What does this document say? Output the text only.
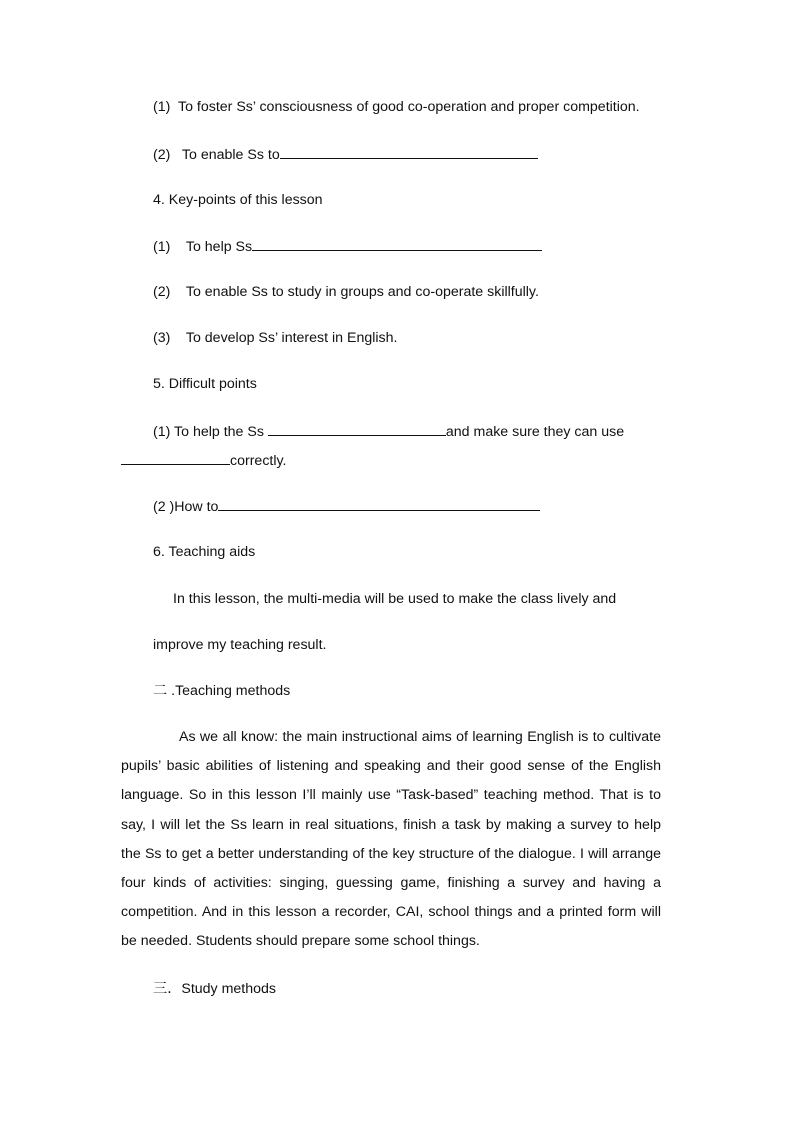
(1) To foster Ss’ consciousness of good co-operation and proper competition.
(2) To enable Ss to
4. Key-points of this lesson
(1) To help Ss
(2) To enable Ss to study in groups and co-operate skillfully.
(3) To develop Ss’ interest in English.
5. Difficult points
(1) To help the Ss	and make sure they can use
correctly.
(2 )How to
6. Teaching aids
In this lesson, the multi-media will be used to make the class lively and
improve my teaching result.
二 .Teaching methods
As we all know: the main instructional aims of learning English is to cultivate pupils’ basic abilities of listening and speaking and their good sense of the English language. So in this lesson I’ll mainly use “Task-based” teaching method. That is to say, I will let the Ss learn in real situations, finish a task by making a survey to help the Ss to get a better understanding of the key structure of the dialogue. I will arrange four kinds of activities: singing, guessing game, finishing a survey and having a competition. And in this lesson a recorder, CAI, school things and a printed form will be needed. Students should prepare some school things.
三．Study methods
